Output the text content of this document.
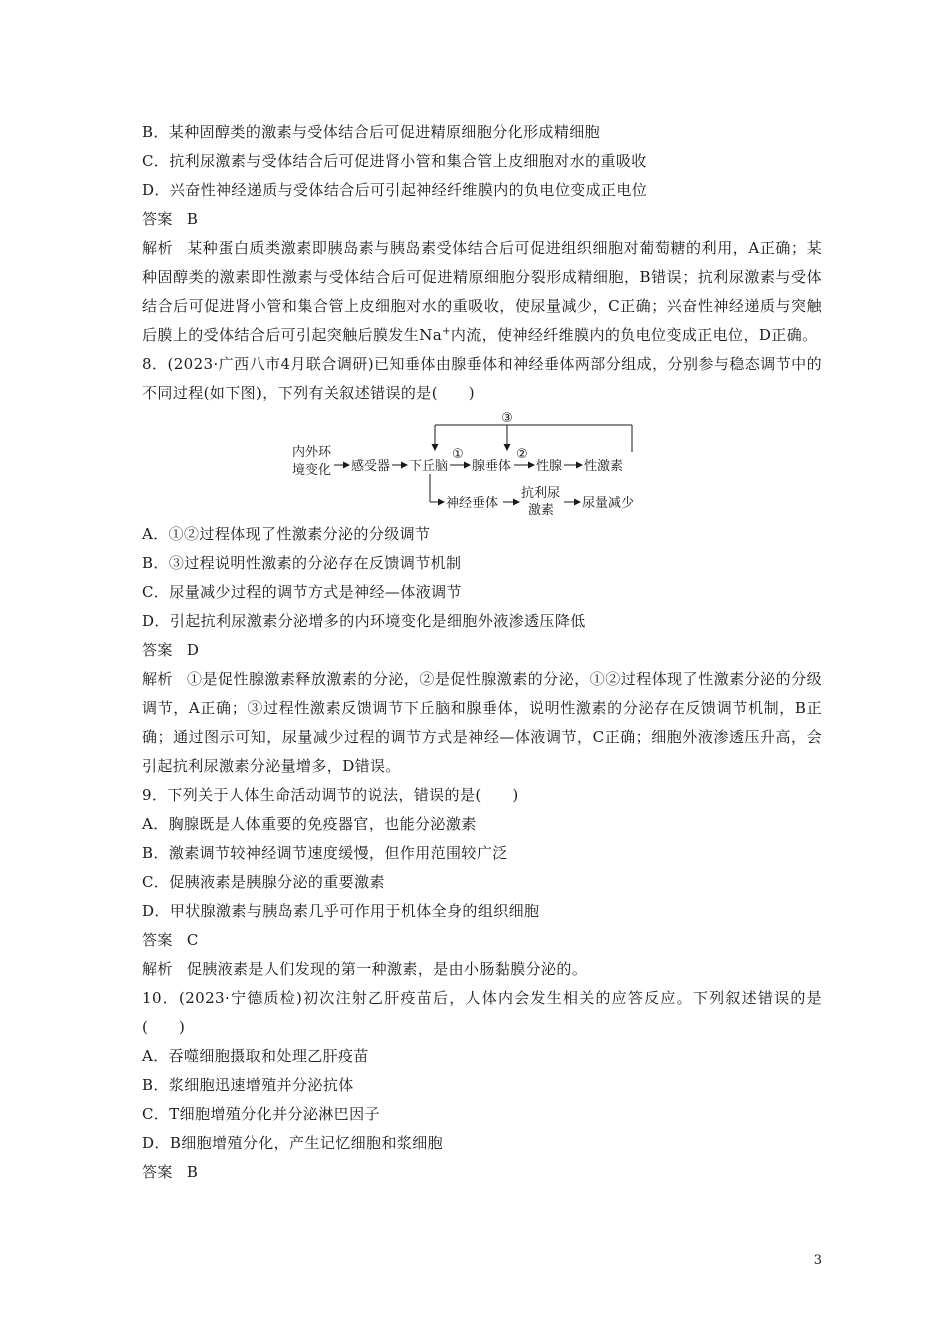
B．某种固醇类的激素与受体结合后可促进精原细胞分化形成精细胞
C．抗利尿激素与受体结合后可促进肾小管和集合管上皮细胞对水的重吸收
D．兴奋性神经递质与受体结合后可引起神经纤维膜内的负电位变成正电位
答案 B
解析 某种蛋白质类激素即胰岛素与胰岛素受体结合后可促进组织细胞对葡萄糖的利用，A正确；某种固醇类的激素即性激素与受体结合后可促进精原细胞分裂形成精细胞，B错误；抗利尿激素与受体结合后可促进肾小管和集合管上皮细胞对水的重吸收，使尿量减少，C正确；兴奋性神经递质与突触后膜上的受体结合后可引起突触后膜发生Na+内流，使神经纤维膜内的负电位变成正电位，D正确。
8．(2023·广西八市4月联合调研)已知垂体由腺垂体和神经垂体两部分组成，分别参与稳态调节中的不同过程(如下图)，下列有关叙述错误的是(　　)
③
内外环
境变化 感受器 下丘脑
①
腺垂体
②
性腺 性激素
神经垂体
抗利尿
激素 尿量减少
A．①②过程体现了性激素分泌的分级调节
B．③过程说明性激素的分泌存在反馈调节机制
C．尿量减少过程的调节方式是神经—体液调节
D．引起抗利尿激素分泌增多的内环境变化是细胞外液渗透压降低
答案 D
解析 ①是促性腺激素释放激素的分泌，②是促性腺激素的分泌，①②过程体现了性激素分泌的分级调节，A正确；③过程性激素反馈调节下丘脑和腺垂体，说明性激素的分泌存在反馈调节机制，B正确；通过图示可知，尿量减少过程的调节方式是神经—体液调节，C正确；细胞外液渗透压升高，会引起抗利尿激素分泌量增多，D错误。
9．下列关于人体生命活动调节的说法，错误的是(　　)
A．胸腺既是人体重要的免疫器官，也能分泌激素
B．激素调节较神经调节速度缓慢，但作用范围较广泛
C．促胰液素是胰腺分泌的重要激素
D．甲状腺激素与胰岛素几乎可作用于机体全身的组织细胞
答案 C
解析 促胰液素是人们发现的第一种激素，是由小肠黏膜分泌的。
10．(2023·宁德质检)初次注射乙肝疫苗后，人体内会发生相关的应答反应。下列叙述错误的是(　　)
A．吞噬细胞摄取和处理乙肝疫苗
B．浆细胞迅速增殖并分泌抗体
C．T细胞增殖分化并分泌淋巴因子
D．B细胞增殖分化，产生记忆细胞和浆细胞
答案 B
3
